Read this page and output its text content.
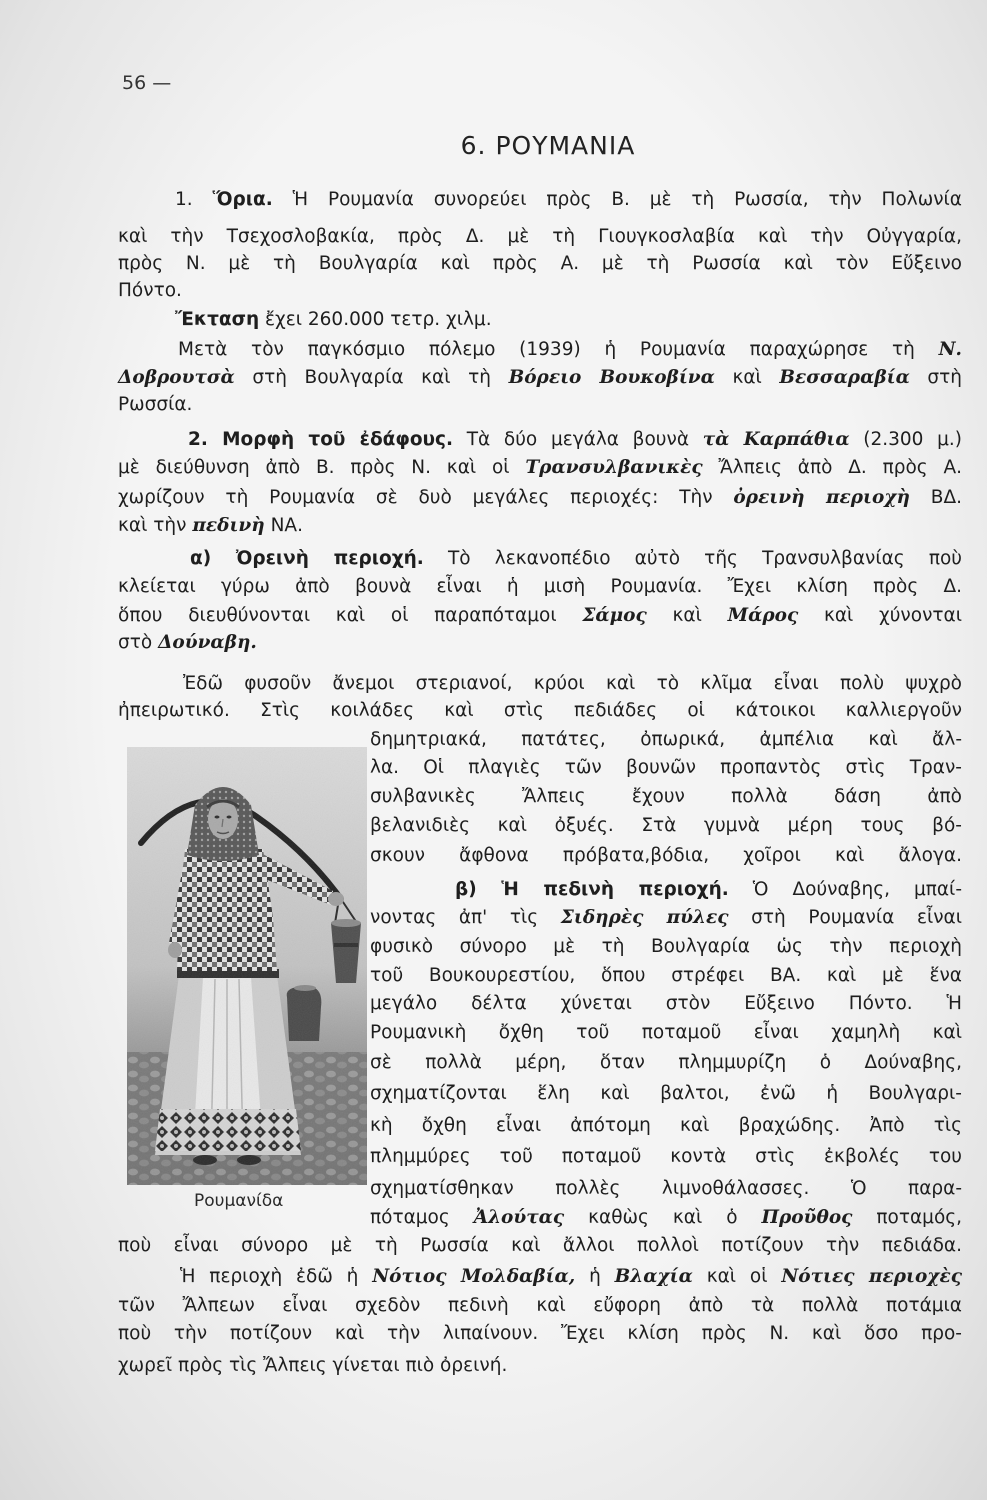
56 —
6. ΡΟΥΜΑΝΙΑ
1. Ὅρια. Ἡ Ρουμανία συνορεύει πρὸς Β. μὲ τὴ Ρωσσία, τὴν Πολωνία
καὶ τὴν Τσεχοσλοβακία, πρὸς Δ. μὲ τὴ Γιουγκοσλαβία καὶ τὴν Οὐγγαρία,
πρὸς Ν. μὲ τὴ Βουλγαρία καὶ πρὸς Α. μὲ τὴ Ρωσσία καὶ τὸν Εὔξεινο
Πόντο.
Ἔκταση ἔχει 260.000 τετρ. χιλμ.
Μετὰ τὸν παγκόσμιο πόλεμο (1939) ἡ Ρουμανία παραχώρησε τὴ Ν.
Δοβρουτσὰ στὴ Βουλγαρία καὶ τὴ Βόρειο Βουκοβίνα καὶ Βεσσαραβία στὴ
Ρωσσία.
2. Μορφὴ τοῦ ἐδάφους. Τὰ δύο μεγάλα βουνὰ τὰ Καρπάθια (2.300 μ.)
μὲ διεύθυνση ἀπὸ Β. πρὸς Ν. καὶ οἱ Τρανσυλβανικὲς Ἄλπεις ἀπὸ Δ. πρὸς Α.
χωρίζουν τὴ Ρουμανία σὲ δυὸ μεγάλες περιοχές: Τὴν ὀρεινὴ περιοχὴ ΒΔ.
καὶ τὴν πεδινὴ ΝΑ.
α) Ὀρεινὴ περιοχή. Τὸ λεκανοπέδιο αὐτὸ τῆς Τρανσυλβανίας ποὺ
κλείεται γύρω ἀπὸ βουνὰ εἶναι ἡ μισὴ Ρουμανία. Ἔχει κλίση πρὸς Δ.
ὅπου διευθύνονται καὶ οἱ παραπόταμοι Σάμος καὶ Μάρος καὶ χύνονται
στὸ Δούναβη.
Ἐδῶ φυσοῦν ἄνεμοι στεριανοί, κρύοι καὶ τὸ κλῖμα εἶναι πολὺ ψυχρὸ
ἠπειρωτικό. Στὶς κοιλάδες καὶ στὶς πεδιάδες οἱ κάτοικοι καλλιεργοῦν
δημητριακά, πατάτες, ὀπωρικά, ἀμπέλια καὶ ἄλ-
λα. Οἱ πλαγιὲς τῶν βουνῶν προπαντὸς στὶς Τραν-
συλβανικὲς Ἄλπεις ἔχουν πολλὰ δάση ἀπὸ
βελανιδιὲς καὶ ὀξυές. Στὰ γυμνὰ μέρη τους βό-
σκουν ἄφθονα πρόβατα,βόδια, χοῖροι καὶ ἄλογα.
β) Ἡ πεδινὴ περιοχή. Ὁ Δούναβης, μπαί-
νοντας ἀπ' τὶς Σιδηρὲς πύλες στὴ Ρουμανία εἶναι
φυσικὸ σύνορο μὲ τὴ Βουλγαρία ὡς τὴν περιοχὴ
τοῦ Βουκουρεστίου, ὅπου στρέφει ΒΑ. καὶ μὲ ἕνα
μεγάλο δέλτα χύνεται στὸν Εὔξεινο Πόντο. Ἡ
Ρουμανικὴ ὄχθη τοῦ ποταμοῦ εἶναι χαμηλὴ καὶ
σὲ πολλὰ μέρη, ὅταν πλημμυρίζη ὁ Δούναβης,
σχηματίζονται ἕλη καὶ βαλτοι, ἐνῶ ἡ Βουλγαρι-
κὴ ὄχθη εἶναι ἀπότομη καὶ βραχώδης. Ἀπὸ τὶς
πλημμύρες τοῦ ποταμοῦ κοντὰ στὶς ἐκβολές του
σχηματίσθηκαν πολλὲς λιμνοθάλασσες. Ὁ παρα-
πόταμος Ἀλούτας καθὼς καὶ ὁ Προῦθος ποταμός,
ποὺ εἶναι σύνορο μὲ τὴ Ρωσσία καὶ ἄλλοι πολλοὶ ποτίζουν τὴν πεδιάδα.
Ἡ περιοχὴ ἐδῶ ἡ Νότιος Μολδαβία, ἡ Βλαχία καὶ οἱ Νότιες περιοχὲς
τῶν Ἄλπεων εἶναι σχεδὸν πεδινὴ καὶ εὔφορη ἀπὸ τὰ πολλὰ ποτάμια
ποὺ τὴν ποτίζουν καὶ τὴν λιπαίνουν. Ἔχει κλίση πρὸς Ν. καὶ ὅσο προ-
χωρεῖ πρὸς τὶς Ἄλπεις γίνεται πιὸ ὀρεινή.
Ρουμανίδα
